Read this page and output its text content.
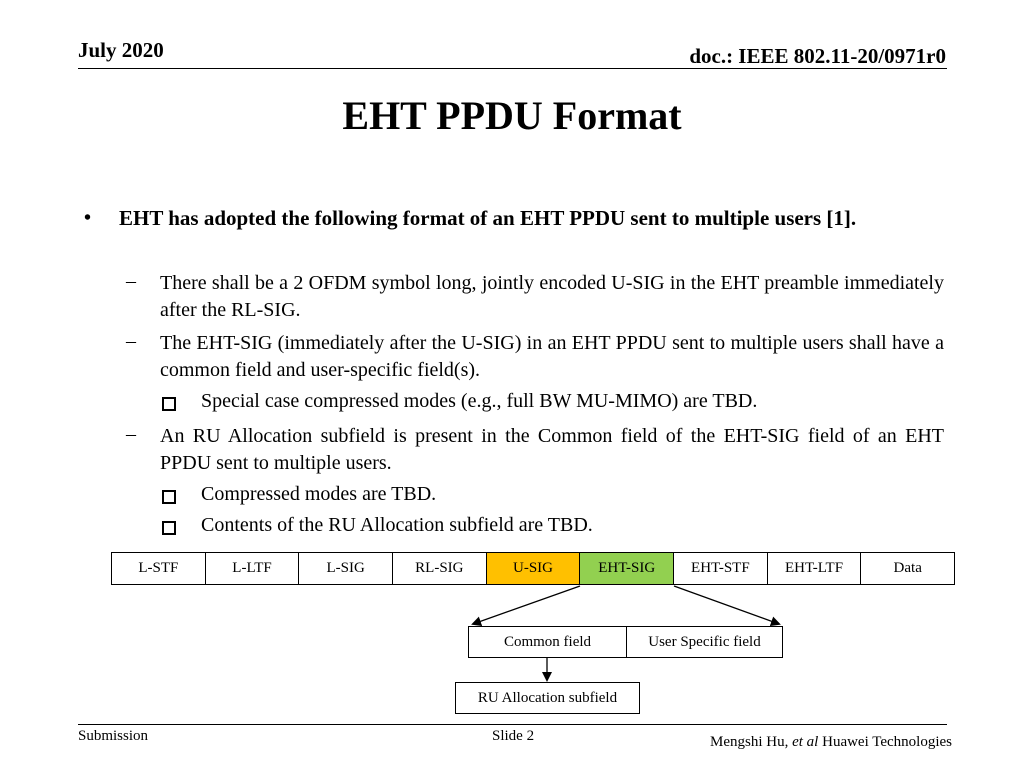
July 2020	doc.: IEEE 802.11-20/0971r0
EHT PPDU Format
• EHT has adopted the following format of an EHT PPDU sent to multiple users [1].
– There shall be a 2 OFDM symbol long, jointly encoded U-SIG in the EHT preamble immediately after the RL-SIG.
– The EHT-SIG (immediately after the U-SIG) in an EHT PPDU sent to multiple users shall have a common field and user-specific field(s).
Special case compressed modes (e.g., full BW MU-MIMO) are TBD.
– An RU Allocation subfield is present in the Common field of the EHT-SIG field of an EHT PPDU sent to multiple users.
Compressed modes are TBD.
Contents of the RU Allocation subfield are TBD.
L-STF	L-LTF	L-SIG	RL-SIG	U-SIG	EHT-SIG	EHT-STF	EHT-LTF	Data
Common field	User Specific field
RU Allocation subfield
Submission	Slide 2	Mengshi Hu, et al Huawei Technologies
